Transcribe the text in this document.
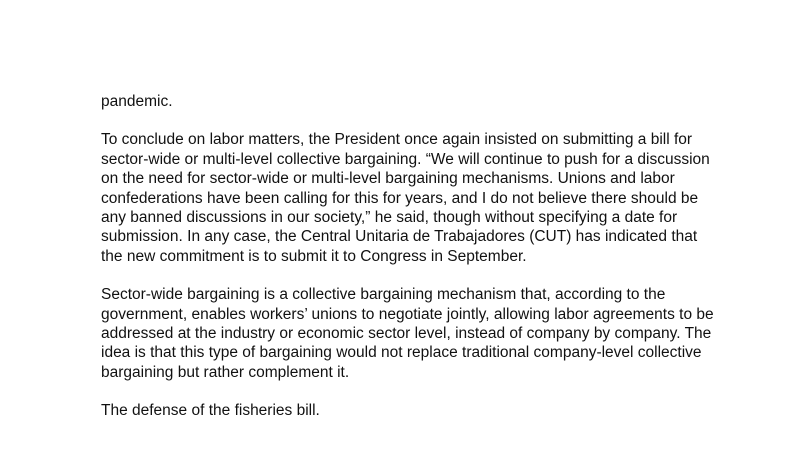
pandemic.

To conclude on labor matters, the President once again insisted on submitting a bill for sector-wide or multi-level collective bargaining. “We will continue to push for a discussion on the need for sector-wide or multi-level bargaining mechanisms. Unions and labor confederations have been calling for this for years, and I do not believe there should be any banned discussions in our society,” he said, though without specifying a date for submission. In any case, the Central Unitaria de Trabajadores (CUT) has indicated that the new commitment is to submit it to Congress in September.

Sector-wide bargaining is a collective bargaining mechanism that, according to the government, enables workers’ unions to negotiate jointly, allowing labor agreements to be addressed at the industry or economic sector level, instead of company by company. The idea is that this type of bargaining would not replace traditional company-level collective bargaining but rather complement it.

The defense of the fisheries bill.
